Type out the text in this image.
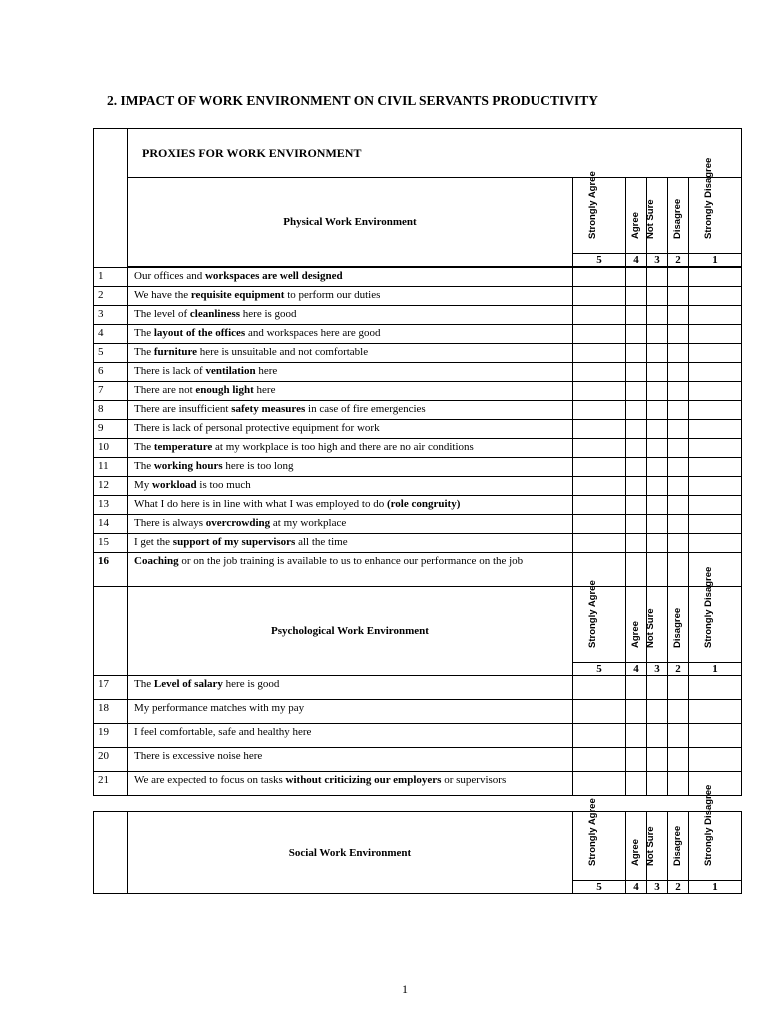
2. IMPACT OF WORK ENVIRONMENT ON CIVIL SERVANTS PRODUCTIVITY
	PROXIES FOR WORK ENVIRONMENT					
	Physical Work Environment	Strongly Agree	Agree	Not Sure	Disagree	Strongly Disagree

		5	4	3	2	1

1	Our offices and workspaces are well designed					
2	We have the requisite equipment to perform our duties					
3	The level of cleanliness here is good					
4	The layout of the offices and workspaces here are good					
5	The furniture here is unsuitable and not comfortable					
6	There is lack of ventilation here					
7	There are not enough light here					
8	There are insufficient safety measures in case of fire emergencies					
9	There is lack of personal protective equipment for work					
10	The temperature at my workplace is too high and there are no air conditions					
11	The working hours here is too long					
12	My workload is too much					
13	What I do here is in line with what I was employed to do (role congruity)					
14	There is always overcrowding at my workplace					
15	I get the support of my supervisors all the time					
16	Coaching or on the job training is available to us to enhance our performance on the job					
	Psychological Work Environment	Strongly Agree	Agree	Not Sure	Disagree	Strongly Disagree

		5	4	3	2	1
17	The Level of salary here is good					
18	My performance matches with my pay					
19	I feel comfortable, safe and healthy here					
20	There is excessive noise here					
21	We are expected to focus on tasks without criticizing our employers or supervisors					
	Social Work Environment	Strongly Agree	Agree	Not Sure	Disagree	Strongly Disagree

		5	4	3	2	1
1
